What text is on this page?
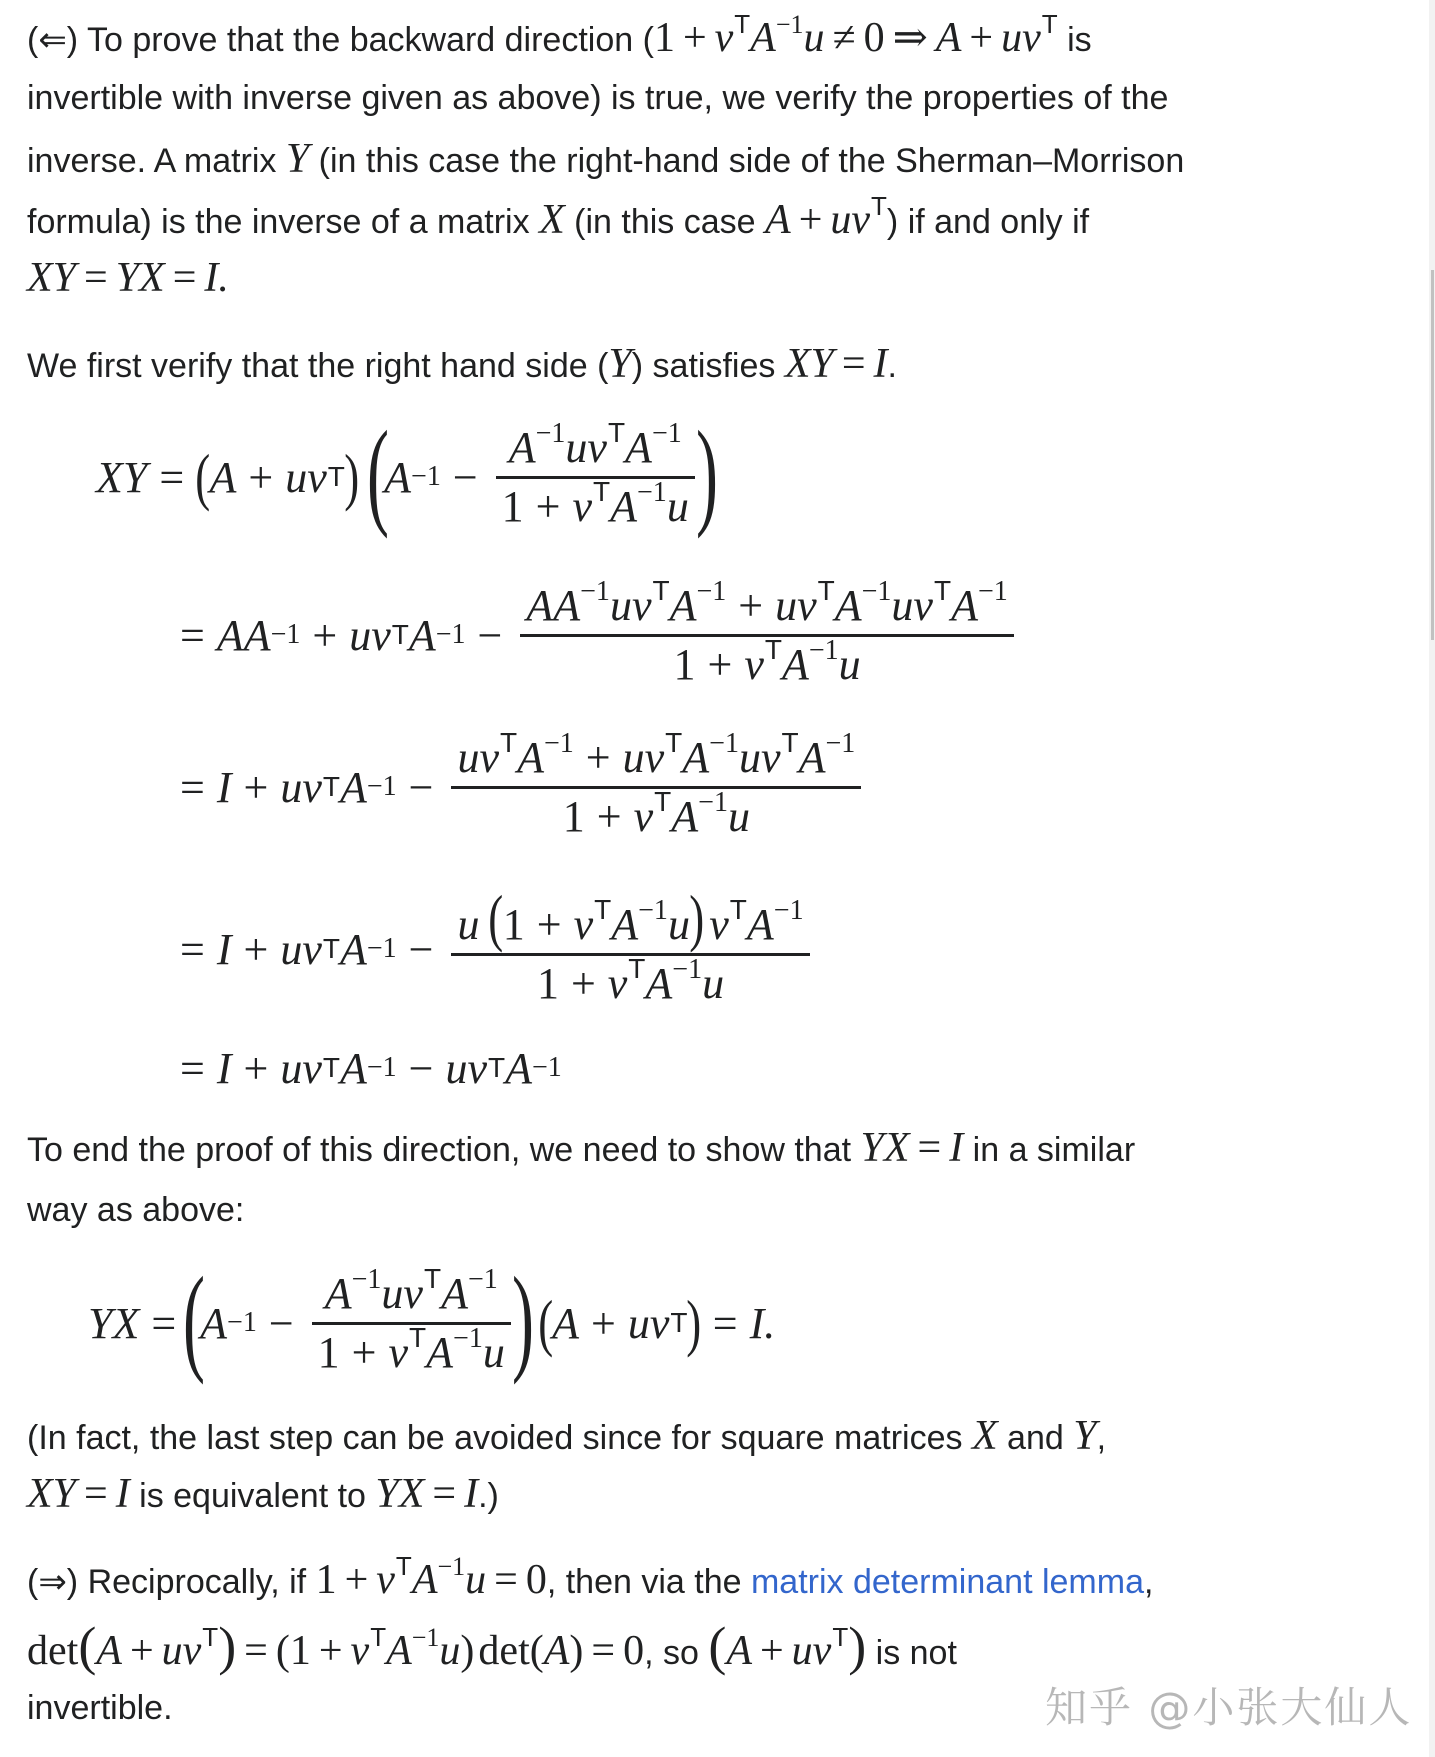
(⇐) To prove that the backward direction ($1 + v^TA^{-1}u \ne 0$ ⇒ $A + uv^T$ is
invertible with inverse given as above) is true, we verify the properties of the
inverse. A matrix Y (in this case the right-hand side of the Sherman–Morrison
formula) is the inverse of a matrix X (in this case $A + uv^T$) if and only if
XY = YX = I.
We first verify that the right hand side (Y) satisfies XY = I.
XY = ( A + uv T ) (
$A -1 - \frac{A^{-1}uv^TA^{-1}}{1 + v^TA^{-1}u}$ )
= AA −1 + uv T $A -1 - \frac{AA^{-1}uv^TA^{-1} + uv^TA^{-1}uv^TA^{-1}}{1 + v^TA^{-1}u}$
= I + uv T $A -1 - \frac{uv^TA^{-1} + uv^TA^{-1}uv^TA^{-1}}{1 + v^TA^{-1}u}$
= I + uv T $A -1 - \frac{u (1 + v^TA^{-1}u) v^TA^{-1}}{1 + v^TA^{-1}u}$
= I + uv T A −1 − uv T A −1
To end the proof of this direction, we need to show that YX = I in a similar
way as above:
YX = (
$A -1 - \frac{A^{-1}uv^TA^{-1}}{1 + v^TA^{-1}u}$ ) ( A + uv T ) = I.
(In fact, the last step can be avoided since for square matrices X and Y,
XY = I is equivalent to YX = I.)
(⇒) Reciprocally, if $1 + v^TA^{-1}u = 0$, then via the matrix determinant lemma,
$\det(A + uv^T) = (1 + v^TA^{-1}u)\det(A) = 0$, so $(A + uv^T)$ is not
invertible.	知乎 @小张大仙人
